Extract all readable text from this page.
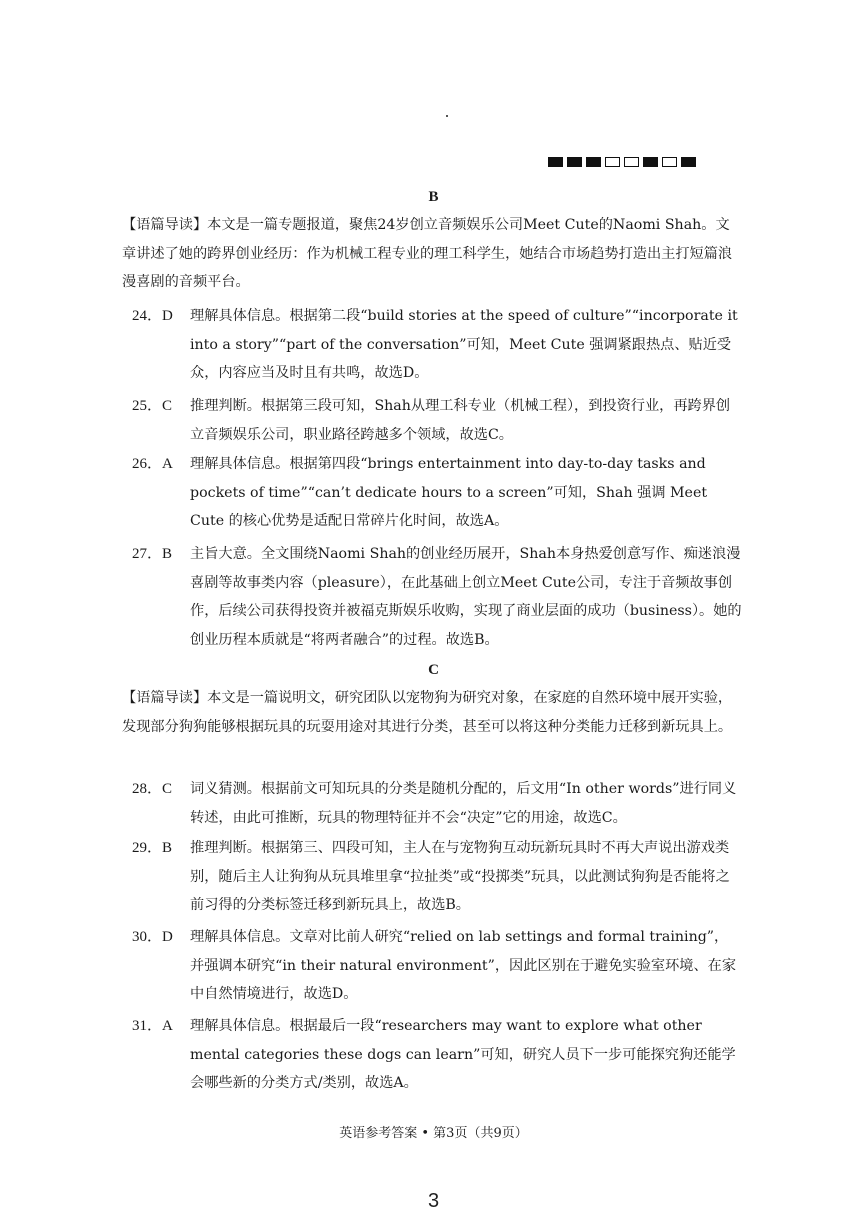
B

【语篇导读】本文是一篇专题报道，聚焦24岁创立音频娱乐公司Meet Cute的Naomi Shah。文章讲述了她的跨界创业经历：作为机械工程专业的理工科学生，她结合市场趋势打造出主打短篇浪漫喜剧的音频平台。

24．D	理解具体信息。根据第二段“build stories at the speed of culture”“incorporate it into a story”“part of the conversation”可知，Meet Cute 强调紧跟热点、贴近受众，内容应当及时且有共鸣，故选D。
25．C	推理判断。根据第三段可知，Shah从理工科专业（机械工程），到投资行业，再跨界创立音频娱乐公司，职业路径跨越多个领域，故选C。
26．A	理解具体信息。根据第四段“brings entertainment into day-to-day tasks and pockets of time”“can’t dedicate hours to a screen”可知，Shah 强调 Meet Cute 的核心优势是适配日常碎片化时间，故选A。
27．B	主旨大意。全文围绕Naomi Shah的创业经历展开，Shah本身热爱创意写作、痴迷浪漫喜剧等故事类内容（pleasure），在此基础上创立Meet Cute公司，专注于音频故事创作，后续公司获得投资并被福克斯娱乐收购，实现了商业层面的成功（business）。她的创业历程本质就是“将两者融合”的过程。故选B。
C

【语篇导读】本文是一篇说明文，研究团队以宠物狗为研究对象，在家庭的自然环境中展开实验，发现部分狗狗能够根据玩具的玩耍用途对其进行分类，甚至可以将这种分类能力迁移到新玩具上。

28．C	词义猜测。根据前文可知玩具的分类是随机分配的，后文用“In other words”进行同义转述，由此可推断，玩具的物理特征并不会“决定”它的用途，故选C。
29．B	推理判断。根据第三、四段可知，主人在与宠物狗互动玩新玩具时不再大声说出游戏类别，随后主人让狗狗从玩具堆里拿“拉扯类”或“投掷类”玩具，以此测试狗狗是否能将之前习得的分类标签迁移到新玩具上，故选B。
30．D	理解具体信息。文章对比前人研究“relied on lab settings and formal training”，并强调本研究“in their natural environment”，因此区别在于避免实验室环境、在家中自然情境进行，故选D。
31．A	理解具体信息。根据最后一段“researchers may want to explore what other mental categories these dogs can learn”可知，研究人员下一步可能探究狗还能学会哪些新的分类方式/类别，故选A。
英语参考答案 • 第3页（共9页）
3
